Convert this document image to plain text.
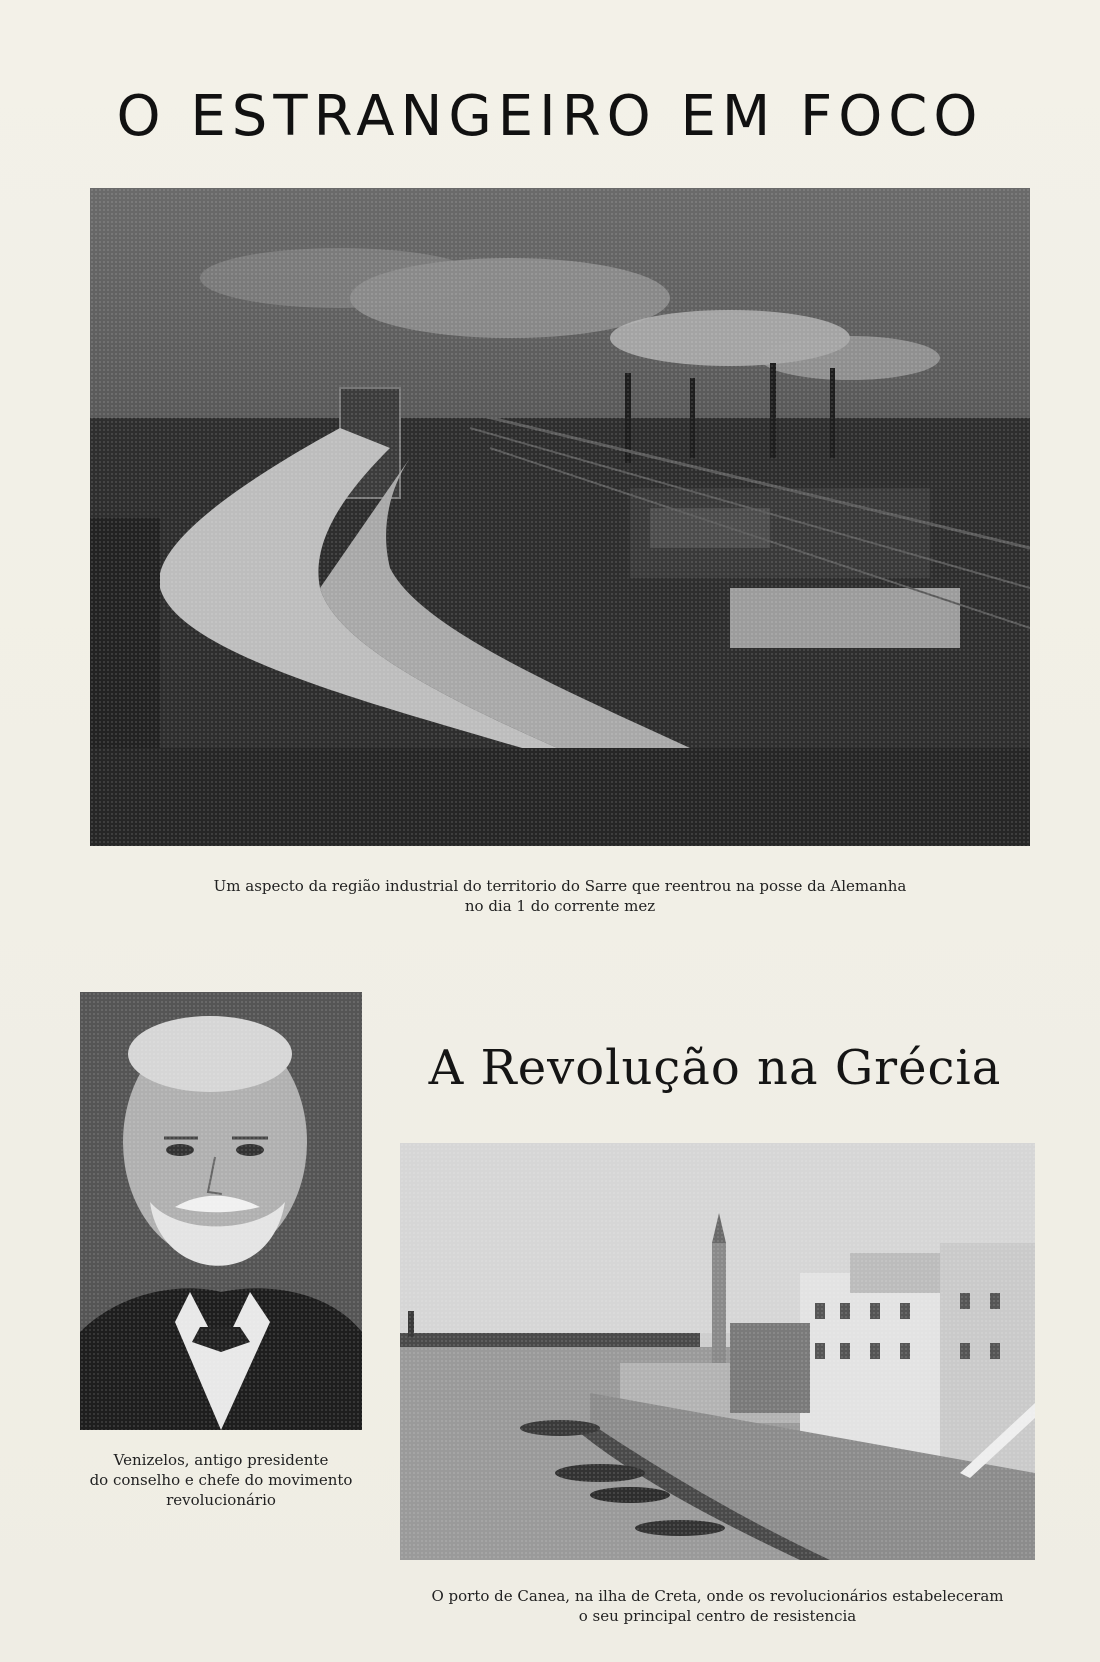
O ESTRANGEIRO EM FOCO

Um aspecto da região industrial do territorio do Sarre que reentrou na posse da Alemanha
no dia 1 do corrente mez

Venizelos, antigo presidente
do conselho e chefe do movimento
revolucionário

A Revolução na Grécia

O porto de Canea, na ilha de Creta, onde os revolucionários estabeleceram
o seu principal centro de resistencia
